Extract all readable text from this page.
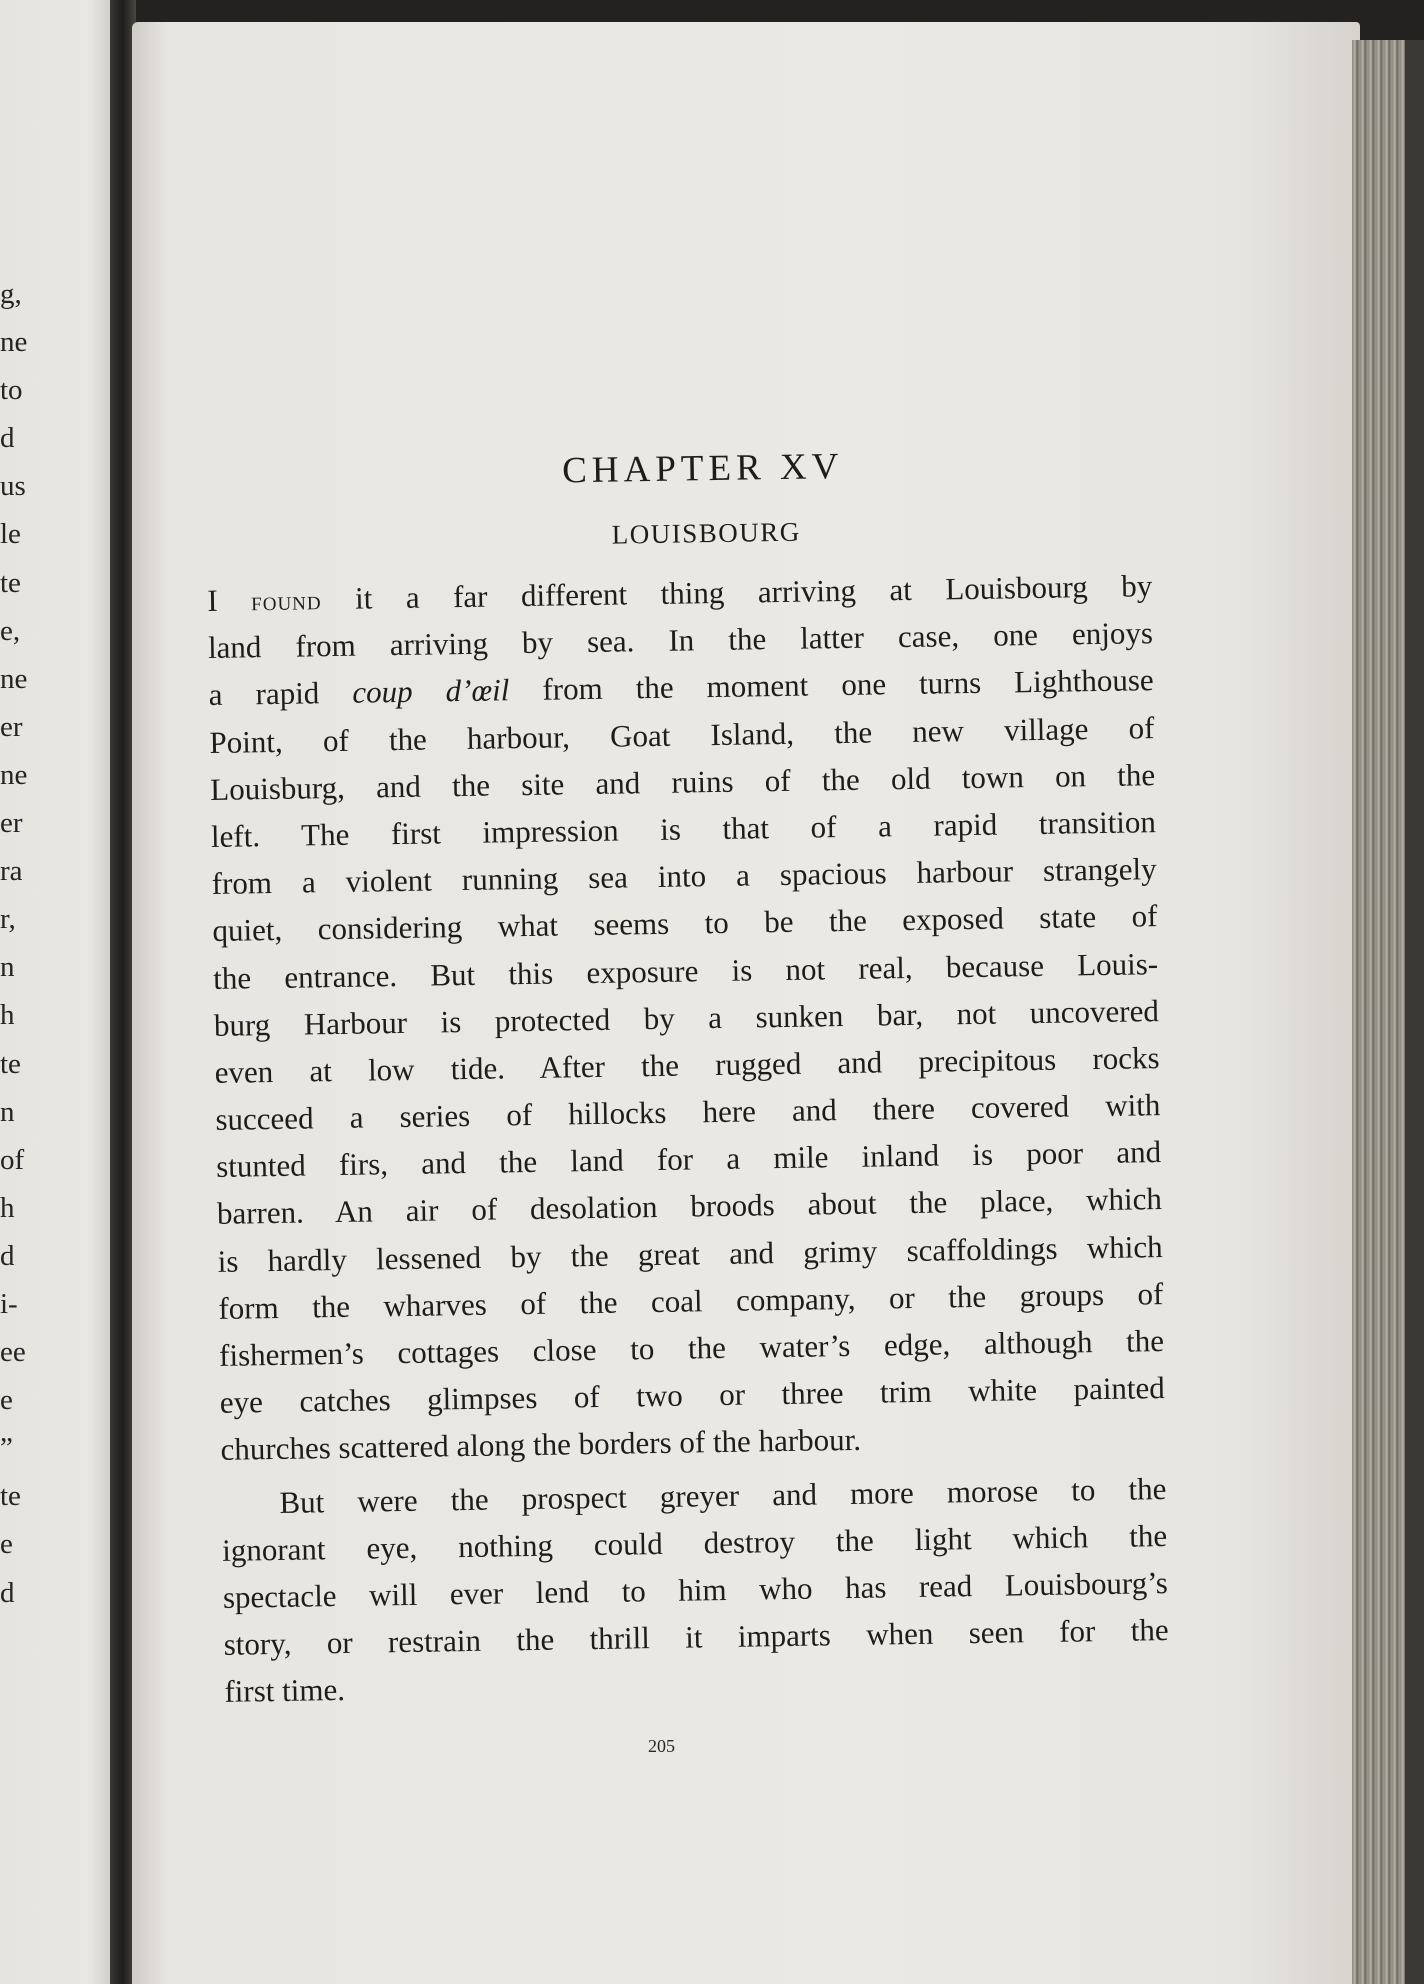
g,
ne
to
d
us
le
te
e,
ne
er
ne
er
ra
r,
n
h
te
n
of
h
d
i-
ee
e
”
te
e
d
CHAPTER XV
LOUISBOURG
I found it a far different thing arriving at Louisbourg by
land from arriving by sea. In the latter case, one enjoys
a rapid coup d’œil from the moment one turns Lighthouse
Point, of the harbour, Goat Island, the new village of
Louisburg, and the site and ruins of the old town on the
left. The first impression is that of a rapid transition
from a violent running sea into a spacious harbour strangely
quiet, considering what seems to be the exposed state of
the entrance. But this exposure is not real, because Louis-
burg Harbour is protected by a sunken bar, not uncovered
even at low tide. After the rugged and precipitous rocks
succeed a series of hillocks here and there covered with
stunted firs, and the land for a mile inland is poor and
barren. An air of desolation broods about the place, which
is hardly lessened by the great and grimy scaffoldings which
form the wharves of the coal company, or the groups of
fishermen’s cottages close to the water’s edge, although the
eye catches glimpses of two or three trim white painted
churches scattered along the borders of the harbour.
But were the prospect greyer and more morose to the
ignorant eye, nothing could destroy the light which the
spectacle will ever lend to him who has read Louisbourg’s
story, or restrain the thrill it imparts when seen for the
first time.
205
